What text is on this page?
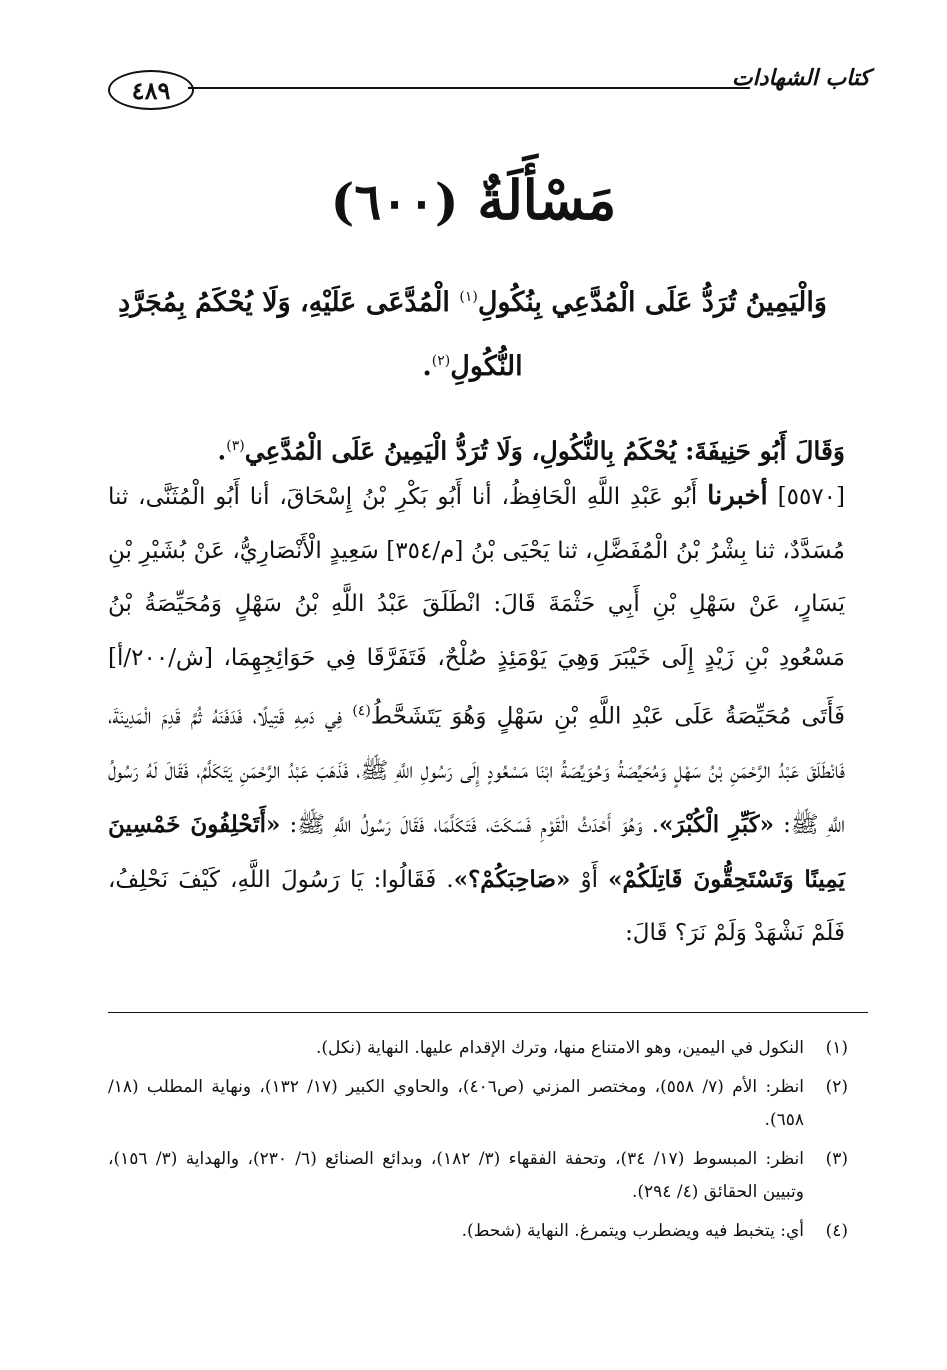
٤٨٩	كتاب الشهادات
مَسْأَلَةٌ (٦٠٠)
وَالْيَمِينُ تُرَدُّ عَلَى الْمُدَّعِي بِنُكُولِ$^{(١)}$ الْمُدَّعَى عَلَيْهِ، وَلَا يُحْكَمُ بِمُجَرَّدِ النُّكُولِ$^{(٢)}$.
وَقَالَ أَبُو حَنِيفَةَ: يُحْكَمُ بِالنُّكُولِ، وَلَا تُرَدُّ الْيَمِينُ عَلَى الْمُدَّعِي$^{(٣)}$.
[٥٥٧٠] أخبرنا أَبُو عَبْدِ اللَّهِ الْحَافِظُ، أنا أَبُو بَكْرِ بْنُ إِسْحَاقَ، أنا أَبُو الْمُثَنَّى، ثنا مُسَدَّدٌ، ثنا بِشْرُ بْنُ الْمُفَضَّلِ، ثنا يَحْيَى بْنُ [م/٣٥٤] سَعِيدٍ الْأَنْصَارِيُّ، عَنْ بُشَيْرِ بْنِ يَسَارٍ، عَنْ سَهْلِ بْنِ أَبِي حَثْمَةَ قَالَ: انْطَلَقَ عَبْدُ اللَّهِ بْنُ سَهْلٍ وَمُحَيِّصَةُ بْنُ مَسْعُودِ بْنِ زَيْدٍ إِلَى خَيْبَرَ وَهِيَ يَوْمَئِذٍ صُلْحٌ، فَتَفَرَّقَا فِي حَوَائِجِهِمَا، [ش/٢٠٠/أ] فَأَتَى مُحَيِّصَةُ عَلَى عَبْدِ اللَّهِ بْنِ سَهْلٍ وَهُوَ يَتَشَحَّطُ$^{(٤)}$ فِي دَمِهِ قَتِيلًا، فَدَفَنَهُ ثُمَّ قَدِمَ الْمَدِينَةَ، فَانْطَلَقَ عَبْدُ الرَّحْمَنِ بْنُ سَهْلٍ وَمُحَيِّصَةُ وَحُوَيِّصَةُ ابْنَا مَسْعُودٍ إِلَى رَسُولِ اللَّهِ ﷺ، فَذَهَبَ عَبْدُ الرَّحْمَنِ يَتَكَلَّمُ، فَقَالَ لَهُ رَسُولُ اللَّهِ ﷺ: «كَبِّرِ الْكُبْرَ». وَهُوَ أَحْدَثُ الْقَوْمِ فَسَكَتَ، فَتَكَلَّمَا، فَقَالَ رَسُولُ اللَّهِ ﷺ: «أَتَحْلِفُونَ خَمْسِينَ يَمِينًا وَتَسْتَحِقُّونَ قَاتِلَكُمْ» أَوْ «صَاحِبَكُمْ؟». فَقَالُوا: يَا رَسُولَ اللَّهِ، كَيْفَ نَحْلِفُ، فَلَمْ نَشْهَدْ وَلَمْ نَرَ؟ قَالَ:
(١)
النكول في اليمين، وهو الامتناع منها، وترك الإقدام عليها. النهاية (نكل).
(٢)
انظر: الأم (٧/ ٥٥٨)، ومختصر المزني (ص٤٠٦)، والحاوي الكبير (١٧/ ١٣٢)، ونهاية المطلب (١٨/ ٦٥٨).
(٣)
انظر: المبسوط (١٧/ ٣٤)، وتحفة الفقهاء (٣/ ١٨٢)، وبدائع الصنائع (٦/ ٢٣٠)، والهداية (٣/ ١٥٦)، وتبيين الحقائق (٤/ ٢٩٤).
(٤)
أي: يتخبط فيه ويضطرب ويتمرغ. النهاية (شحط).
